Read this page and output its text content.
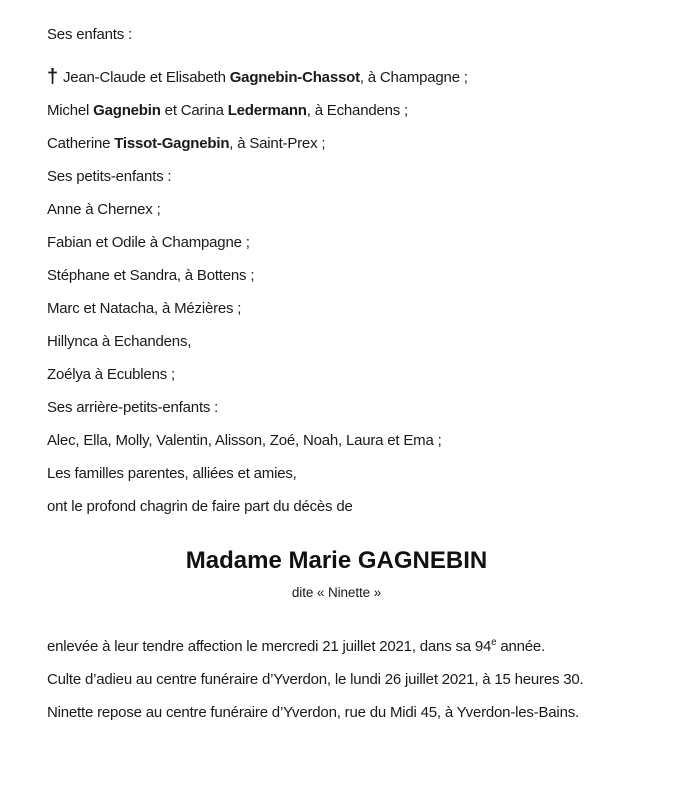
Ses enfants :

† Jean-Claude et Elisabeth Gagnebin-Chassot, à Champagne ;

Michel Gagnebin et Carina Ledermann, à Echandens ;

Catherine Tissot-Gagnebin, à Saint-Prex ;

Ses petits-enfants :

Anne à Chernex ;

Fabian et Odile à Champagne ;

Stéphane et Sandra, à Bottens ;

Marc et Natacha, à Mézières ;

Hillynca à Echandens,

Zoélya à Ecublens ;

Ses arrière-petits-enfants :

Alec, Ella, Molly, Valentin, Alisson, Zoé, Noah, Laura et Ema ;

Les familles parentes, alliées et amies,

ont le profond chagrin de faire part du décès de

Madame Marie GAGNEBIN
dite « Ninette »

enlevée à leur tendre affection le mercredi 21 juillet 2021, dans sa 94e année.

Culte d’adieu au centre funéraire d’Yverdon, le lundi 26 juillet 2021, à 15 heures 30.

Ninette repose au centre funéraire d’Yverdon, rue du Midi 45, à Yverdon-les-Bains.
